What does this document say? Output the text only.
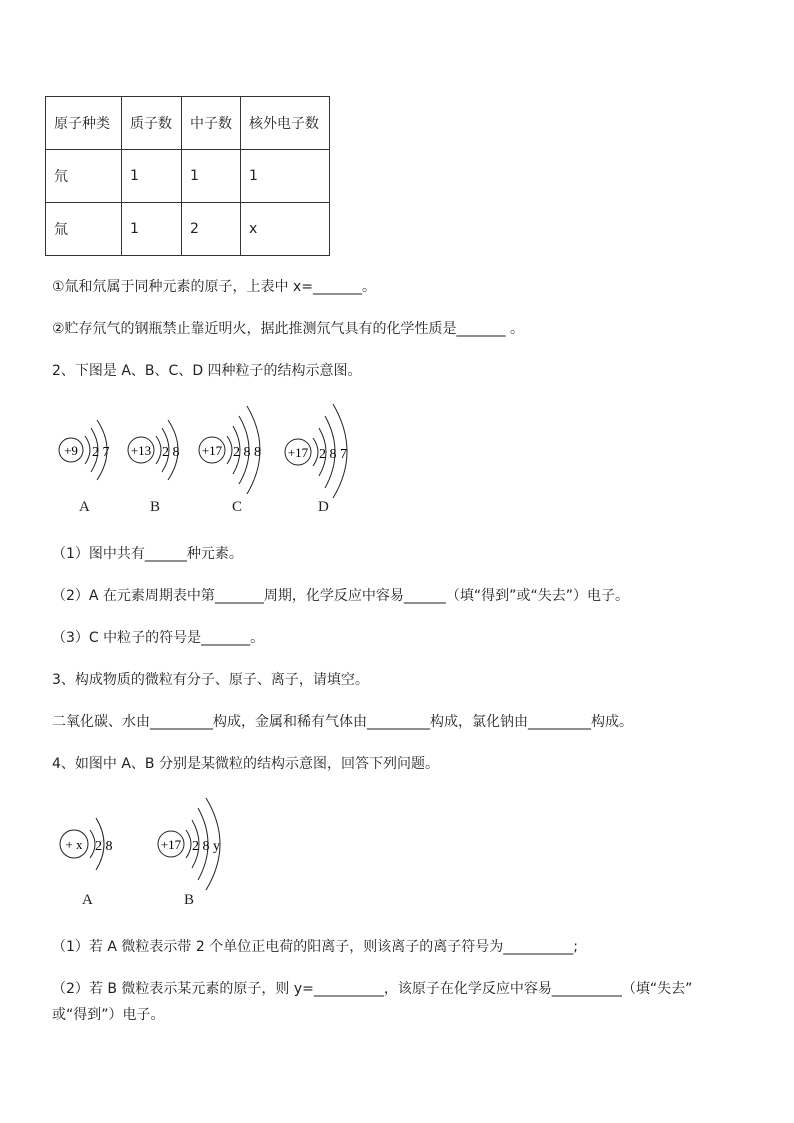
原子种类	质子数	中子数	核外电子数
氘	1	1	1
氚	1	2	x
①氚和氘属于同种元素的原子，上表中 x=_______。
②贮存氘气的钢瓶禁止靠近明火，据此推测氘气具有的化学性质是_______ 。
2、下图是 A、B、C、D 四种粒子的结构示意图。
+9 2 7
A
+13 2 8
B
+17 2 8 8
C
+17 2 8 7
D
（1）图中共有______种元素。
（2）A 在元素周期表中第_______周期，化学反应中容易______（填“得到”或“失去”）电子。
（3）C 中粒子的符号是_______。
3、构成物质的微粒有分子、原子、离子，请填空。
二氧化碳、水由_________构成，金属和稀有气体由_________构成，氯化钠由_________构成。
4、如图中 A、B 分别是某微粒的结构示意图，回答下列问题。
+ x 2 8
A
+17 2 8 y
B
（1）若 A 微粒表示带 2 个单位正电荷的阳离子，则该离子的离子符号为__________;
（2）若 B 微粒表示某元素的原子，则 y=__________，该原子在化学反应中容易__________（填“失去”
或“得到”）电子。
